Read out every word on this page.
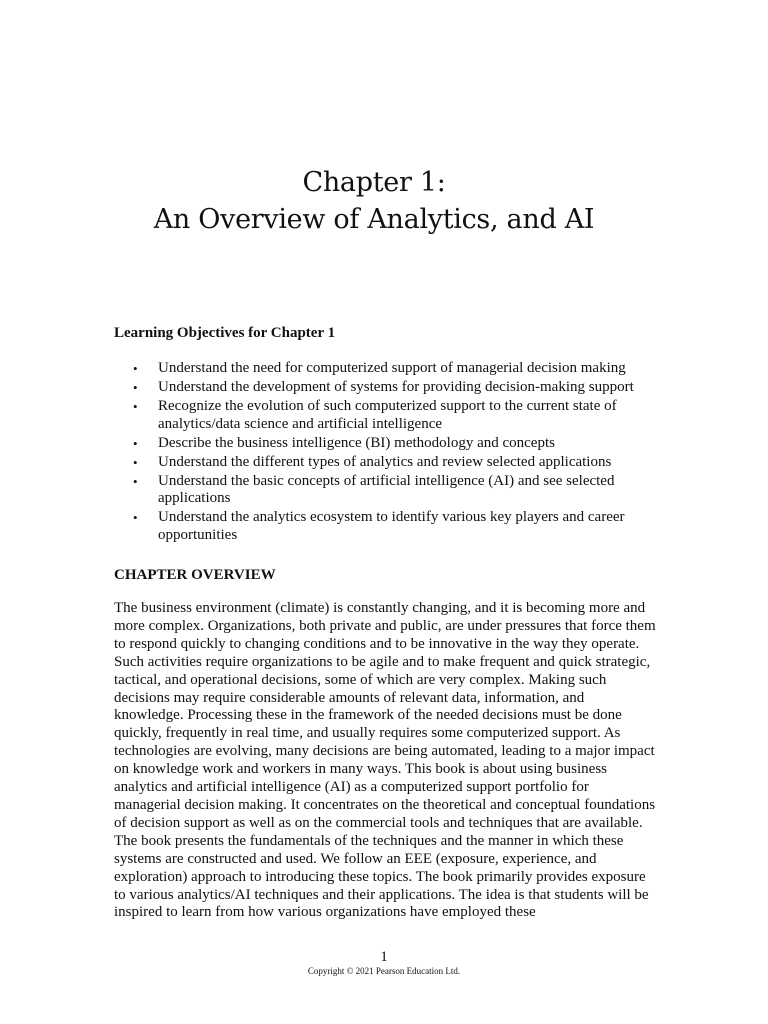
Chapter 1:
An Overview of Analytics, and AI
Learning Objectives for Chapter 1
• Understand the need for computerized support of managerial decision making
• Understand the development of systems for providing decision-making support
• Recognize the evolution of such computerized support to the current state of analytics/data science and artificial intelligence
• Describe the business intelligence (BI) methodology and concepts
• Understand the different types of analytics and review selected applications
• Understand the basic concepts of artificial intelligence (AI) and see selected applications
• Understand the analytics ecosystem to identify various key players and career opportunities
CHAPTER OVERVIEW

The business environment (climate) is constantly changing, and it is becoming more and more complex. Organizations, both private and public, are under pressures that force them to respond quickly to changing conditions and to be innovative in the way they operate. Such activities require organizations to be agile and to make frequent and quick strategic, tactical, and operational decisions, some of which are very complex. Making such decisions may require considerable amounts of relevant data, information, and knowledge. Processing these in the framework of the needed decisions must be done quickly, frequently in real time, and usually requires some computerized support. As technologies are evolving, many decisions are being automated, leading to a major impact on knowledge work and workers in many ways. This book is about using business analytics and artificial intelligence (AI) as a computerized support portfolio for managerial decision making. It concentrates on the theoretical and conceptual foundations of decision support as well as on the commercial tools and techniques that are available. The book presents the fundamentals of the techniques and the manner in which these systems are constructed and used. We follow an EEE (exposure, experience, and exploration) approach to introducing these topics. The book primarily provides exposure to various analytics/AI techniques and their applications. The idea is that students will be inspired to learn from how various organizations have employed these

1
Copyright © 2021 Pearson Education Ltd.
